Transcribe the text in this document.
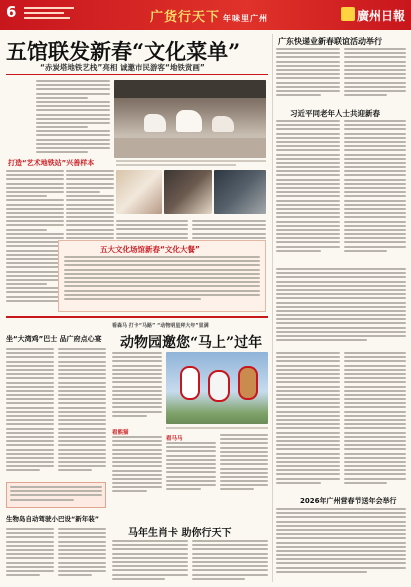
6	广货行天下 年味里广州	廣州日報
五馆联发新春“文化菜单”
“赤炭塔地铁艺栈”亮相 诚邀市民游客“地铁赏画”
打造“艺术地铁站”兴善样本
五大文化场馆新春“文化大餐”
广东快递业新春联谊活动举行
习近平同老年人士共迎新春
2026年广州营春节送年会举行
坐“大湾鸡”巴士 品广府点心宴
看森马 打卡“马路” “动物明星拜大年”显满
动物园邀您“马上”过年
看熊猫
看马马
生物岛自动驾驶小巴设“新年装”
马年生肖卡 助你行天下
